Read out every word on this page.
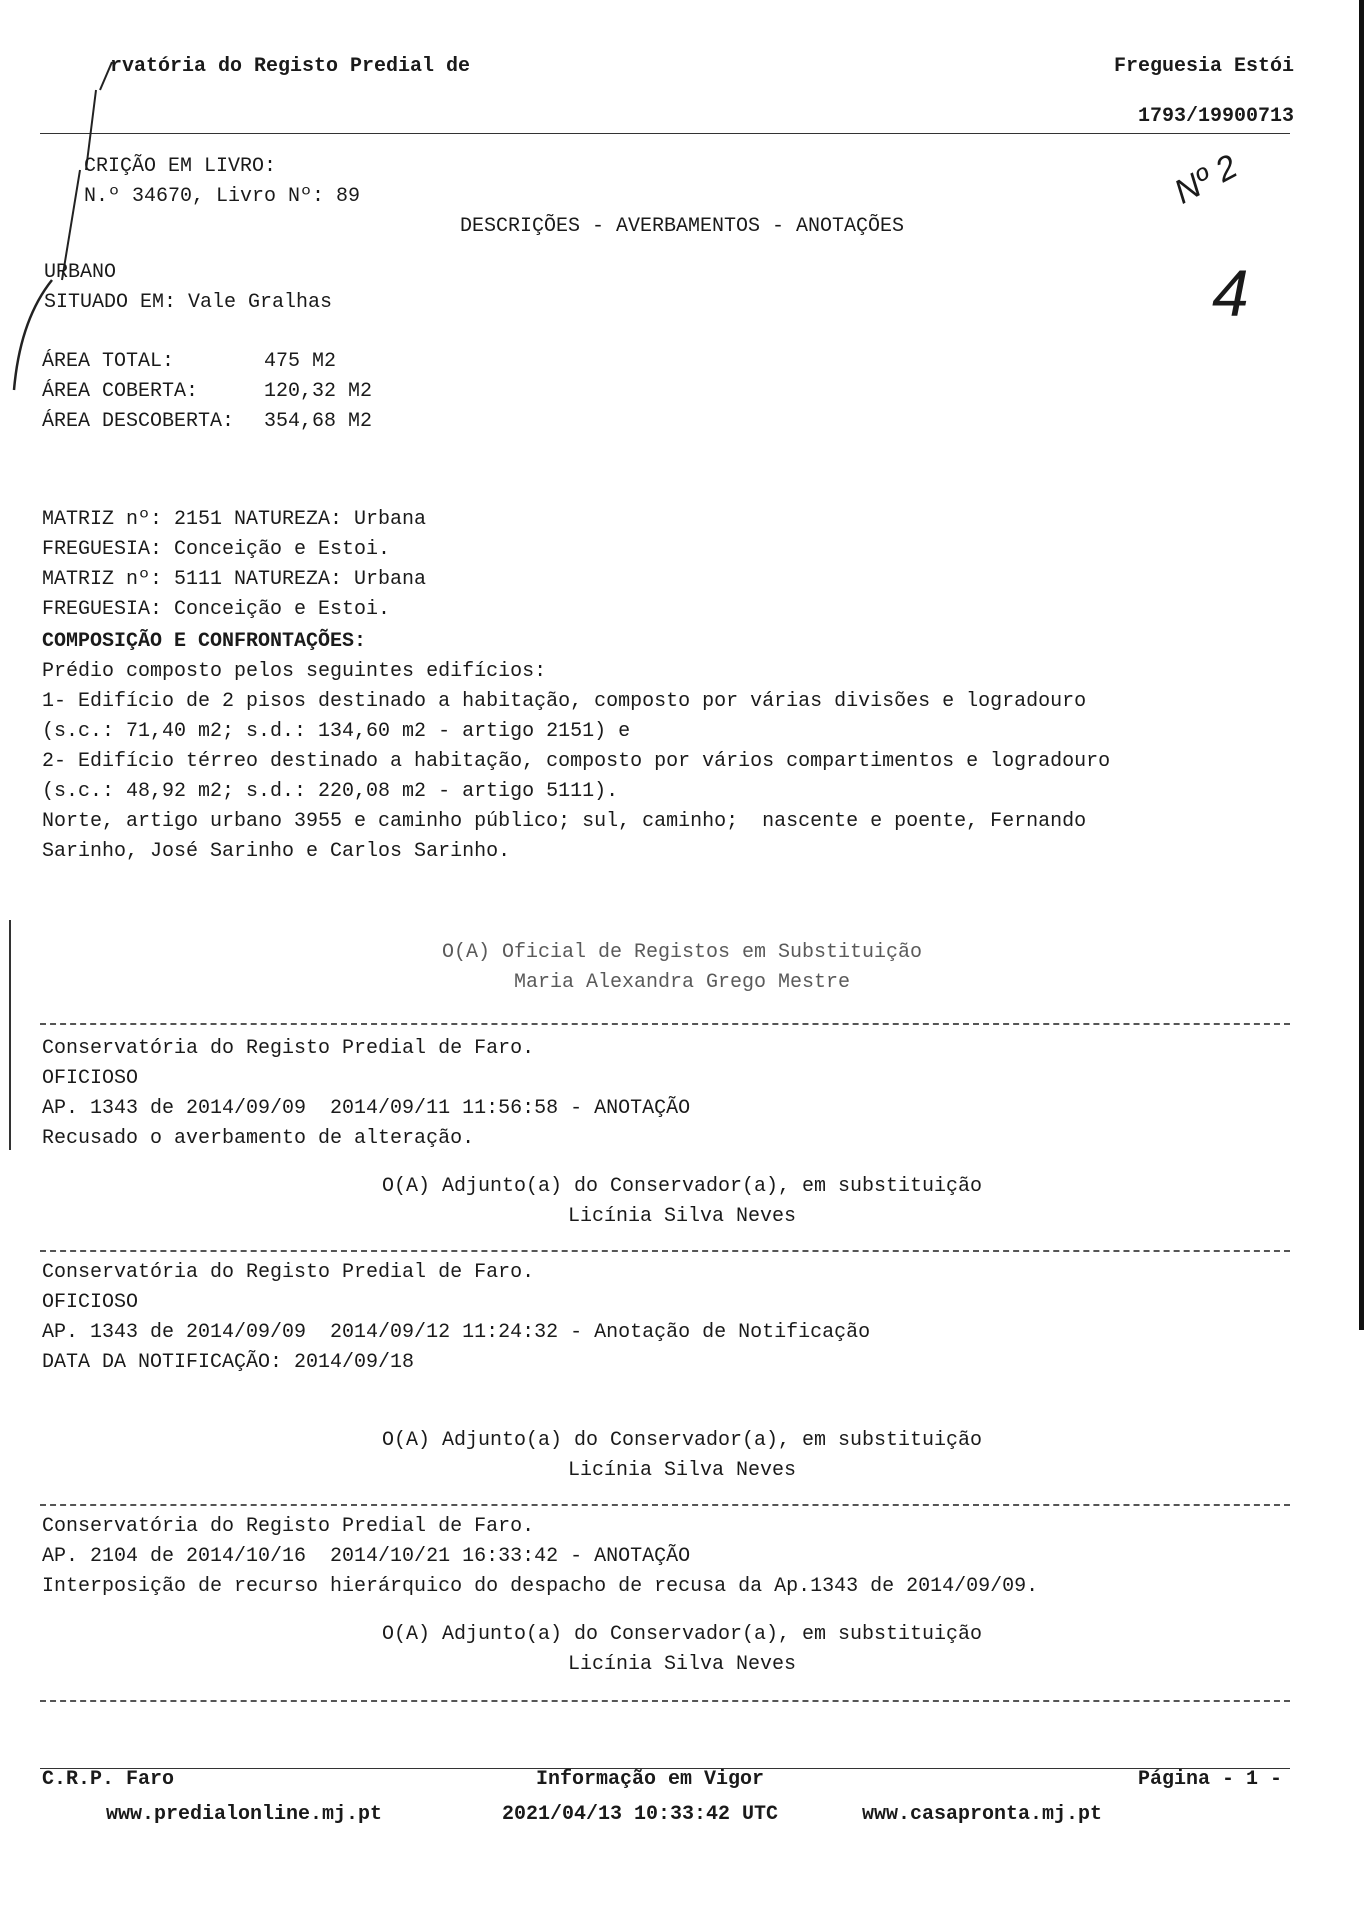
rvatória do Registo Predial de	Freguesia Estói
1793/19900713
CRIÇÃO EM LIVRO:
N.º 34670, Livro Nº: 89
DESCRIÇÕES - AVERBAMENTOS - ANOTAÇÕES
Nº 2
4
URBANO
SITUADO EM: Vale Gralhas
ÁREA TOTAL:	475 M2
ÁREA COBERTA:	120,32 M2
ÁREA DESCOBERTA:	354,68 M2
MATRIZ nº: 2151 NATUREZA: Urbana
FREGUESIA: Conceição e Estoi.
MATRIZ nº: 5111 NATUREZA: Urbana
FREGUESIA: Conceição e Estoi.
COMPOSIÇÃO E CONFRONTAÇÕES:
Prédio composto pelos seguintes edifícios:
1- Edifício de 2 pisos destinado a habitação, composto por várias divisões e logradouro
(s.c.: 71,40 m2; s.d.: 134,60 m2 - artigo 2151) e
2- Edifício térreo destinado a habitação, composto por vários compartimentos e logradouro
(s.c.: 48,92 m2; s.d.: 220,08 m2 - artigo 5111).
Norte, artigo urbano 3955 e caminho público; sul, caminho;  nascente e poente, Fernando
Sarinho, José Sarinho e Carlos Sarinho.
O(A) Oficial de Registos em Substituição
Maria Alexandra Grego Mestre
Conservatória do Registo Predial de Faro.
OFICIOSO
AP. 1343 de 2014/09/09  2014/09/11 11:56:58 - ANOTAÇÃO
Recusado o averbamento de alteração.
O(A) Adjunto(a) do Conservador(a), em substituição
Licínia Silva Neves
Conservatória do Registo Predial de Faro.
OFICIOSO
AP. 1343 de 2014/09/09  2014/09/12 11:24:32 - Anotação de Notificação
DATA DA NOTIFICAÇÃO: 2014/09/18
O(A) Adjunto(a) do Conservador(a), em substituição
Licínia Silva Neves
Conservatória do Registo Predial de Faro.
AP. 2104 de 2014/10/16  2014/10/21 16:33:42 - ANOTAÇÃO
Interposição de recurso hierárquico do despacho de recusa da Ap.1343 de 2014/09/09.
O(A) Adjunto(a) do Conservador(a), em substituição
Licínia Silva Neves
C.R.P. Faro	Informação em Vigor	Página - 1 -
www.predialonline.mj.pt	2021/04/13 10:33:42 UTC	www.casapronta.mj.pt
